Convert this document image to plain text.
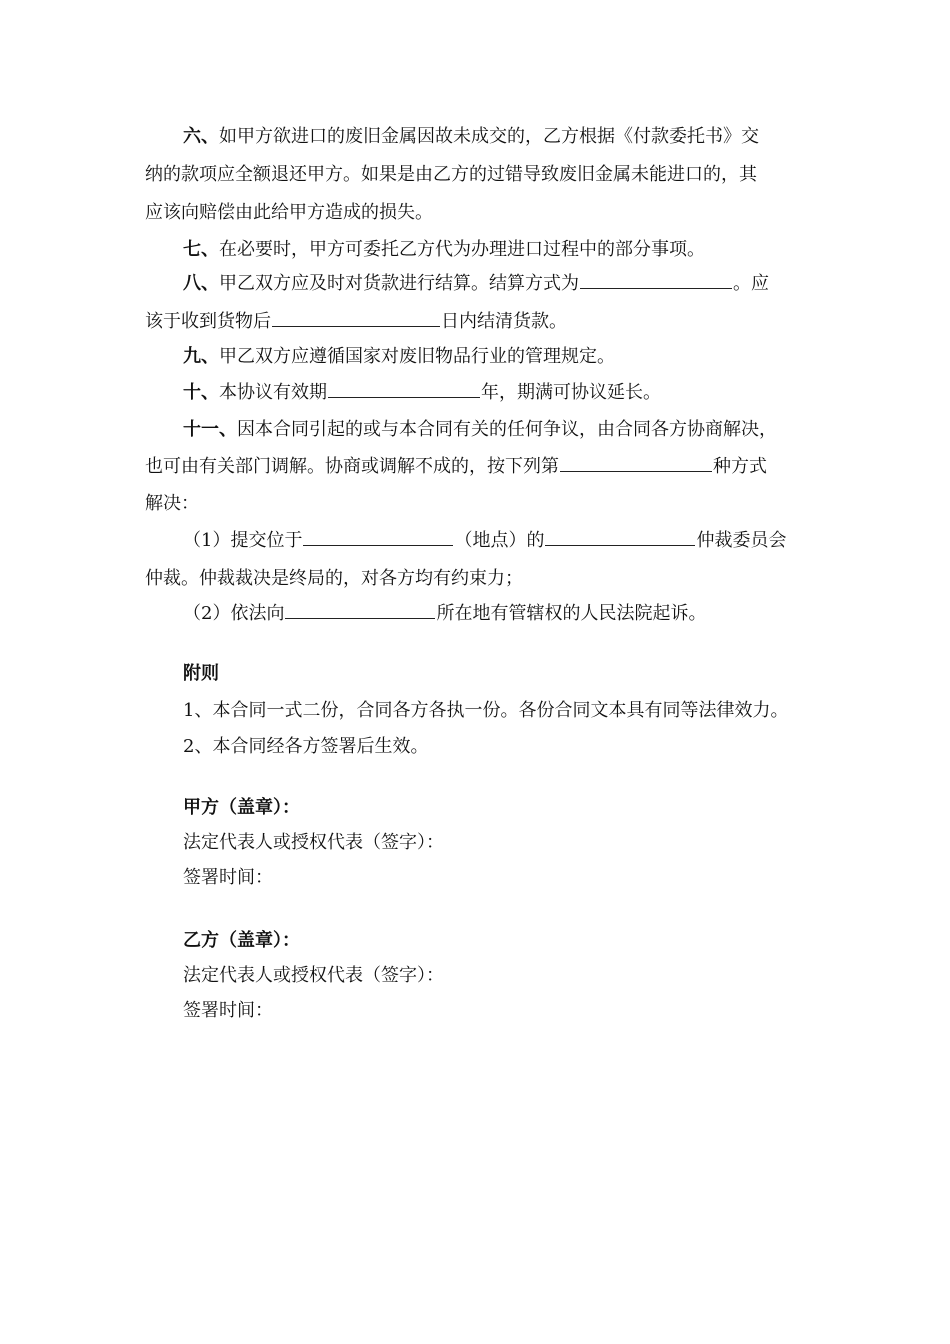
六、如甲方欲进口的废旧金属因故未成交的，乙方根据《付款委托书》交
纳的款项应全额退还甲方。如果是由乙方的过错导致废旧金属未能进口的，其
应该向赔偿由此给甲方造成的损失。
七、在必要时，甲方可委托乙方代为办理进口过程中的部分事项。
八、甲乙双方应及时对货款进行结算。结算方式为	。应
该于收到货物后	日内结清货款。
九、甲乙双方应遵循国家对废旧物品行业的管理规定。
十、本协议有效期	年，期满可协议延长。
十一、因本合同引起的或与本合同有关的任何争议，由合同各方协商解决，
也可由有关部门调解。协商或调解不成的，按下列第	种方式
解决：
（1）提交位于	（地点）的	仲裁委员会
仲裁。仲裁裁决是终局的，对各方均有约束力；
（2）依法向	所在地有管辖权的人民法院起诉。
附则
1、本合同一式二份，合同各方各执一份。各份合同文本具有同等法律效力。
2、本合同经各方签署后生效。
甲方（盖章）：
法定代表人或授权代表（签字）：
签署时间：
乙方（盖章）：
法定代表人或授权代表（签字）：
签署时间：
